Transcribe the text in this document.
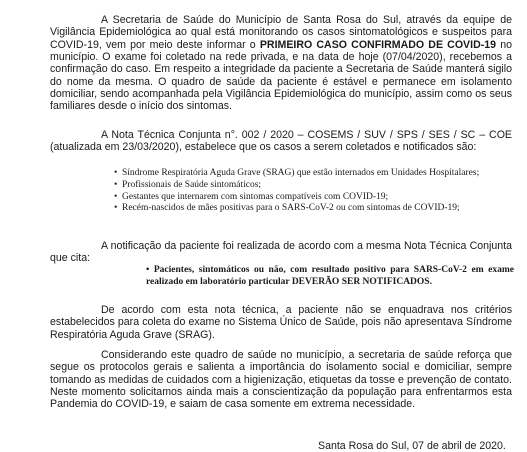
A Secretaria de Saúde do Município de Santa Rosa do Sul, através da equipe de Vigilância Epidemiológica ao qual está monitorando os casos sintomatológicos e suspeitos para COVID-19, vem por meio deste informar o PRIMEIRO CASO CONFIRMADO DE COVID-19 no município. O exame foi coletado na rede privada, e na data de hoje (07/04/2020), recebemos a confirmação do caso. Em respeito a integridade da paciente a Secretaria de Saúde manterá sigilo do nome da mesma. O quadro de saúde da paciente é estável e permanece em isolamento domiciliar, sendo acompanhada pela Vigilância Epidemiológica do município, assim como os seus familiares desde o início dos sintomas.

A Nota Técnica Conjunta n°. 002 / 2020 – COSEMS / SUV / SPS / SES / SC – COE (atualizada em 23/03/2020), estabelece que os casos a serem coletados e notificados são:

• Síndrome Respiratória Aguda Grave (SRAG) que estão internados em Unidades Hospitalares;
• Profissionais de Saúde sintomáticos;
• Gestantes que internarem com sintomas compatíveis com COVID-19;
• Recém-nascidos de mães positivas para o SARS-CoV-2 ou com sintomas de COVID-19;

A notificação da paciente foi realizada de acordo com a mesma Nota Técnica Conjunta que cita:

• Pacientes, sintomáticos ou não, com resultado positivo para SARS-CoV-2 em exame realizado em laboratório particular DEVERÃO SER NOTIFICADOS.

De acordo com esta nota técnica, a paciente não se enquadrava nos critérios estabelecidos para coleta do exame no Sistema Único de Saúde, pois não apresentava Síndrome Respiratória Aguda Grave (SRAG).

Considerando este quadro de saúde no município, a secretaria de saúde reforça que segue os protocolos gerais e salienta a importância do isolamento social e domiciliar, sempre tomando as medidas de cuidados com a higienização, etiquetas da tosse e prevenção de contato. Neste momento solicitamos ainda mais a conscientização da população para enfrentarmos esta Pandemia do COVID-19, e saiam de casa somente em extrema necessidade.

Santa Rosa do Sul, 07 de abril de 2020.
